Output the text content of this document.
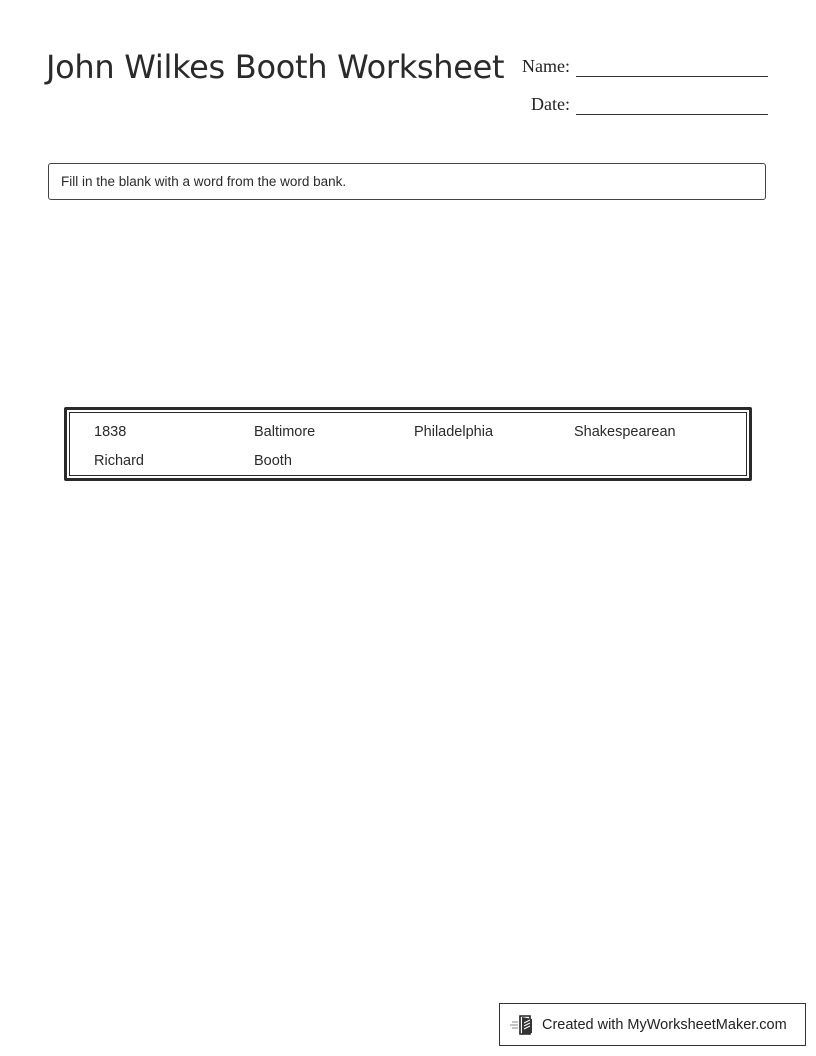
John Wilkes Booth Worksheet Name:
Date:
Fill in the blank with a word from the word bank.
1838	Baltimore	Philadelphia	Shakespearean
Richard	Booth
Created with MyWorksheetMaker.com
